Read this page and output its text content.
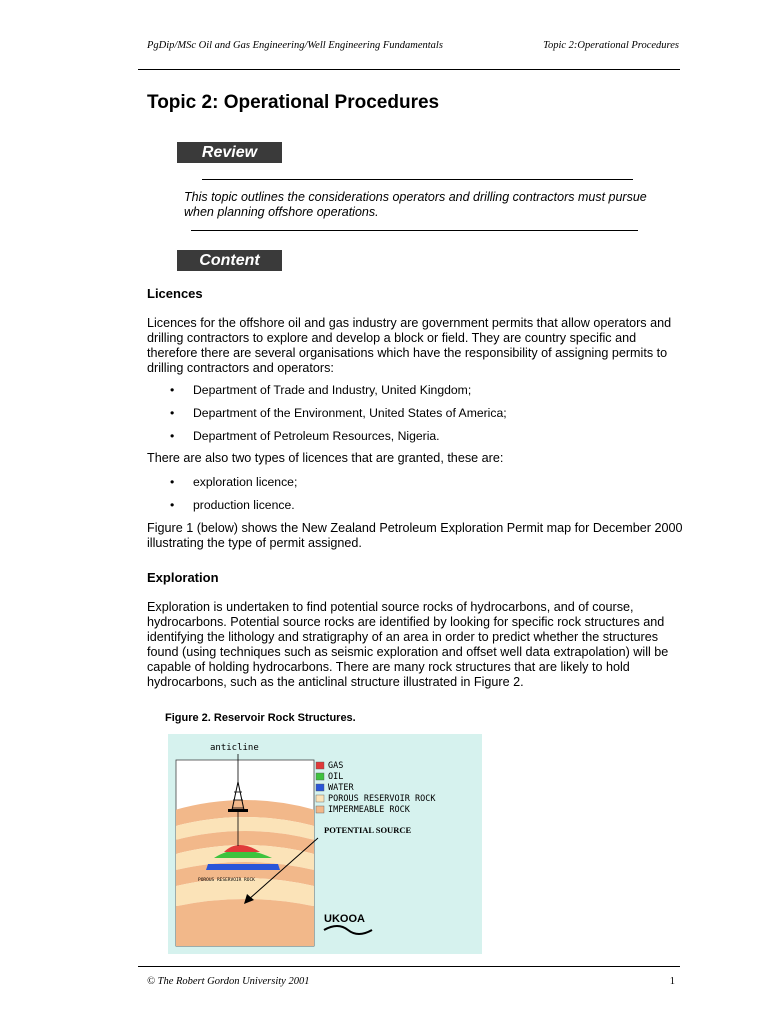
PgDip/MSc Oil and Gas Engineering/Well Engineering Fundamentals	Topic 2:Operational Procedures
Topic 2: Operational Procedures
Review

This topic outlines the considerations operators and drilling contractors must pursue when planning offshore operations.

Content
Licences

Licences for the offshore oil and gas industry are government permits that allow operators and drilling contractors to explore and develop a block or field. They are country specific and therefore there are several organisations which have the responsibility of assigning permits to drilling contractors and operators:

• Department of Trade and Industry, United Kingdom;
• Department of the Environment, United States of America;
• Department of Petroleum Resources, Nigeria.

There are also two types of licences that are granted, these are:

• exploration licence;
• production licence.

Figure 1 (below) shows the New Zealand Petroleum Exploration Permit map for December 2000 illustrating the type of permit assigned.

Exploration

Exploration is undertaken to find potential source rocks of hydrocarbons, and of course, hydrocarbons. Potential source rocks are identified by looking for specific rock structures and identifying the lithology and stratigraphy of an area in order to predict whether the structures found (using techniques such as seismic exploration and offset well data extrapolation) will be capable of holding hydrocarbons. There are many rock structures that are likely to hold hydrocarbons, such as the anticlinal structure illustrated in Figure 2.

Figure 2. Reservoir Rock Structures.

anticline
POROUS RESERVOIR ROCK
GAS
OIL
WATER
POROUS RESERVOIR ROCK
IMPERMEABLE ROCK
POTENTIAL SOURCE
UKOOA
© The Robert Gordon University 2001	1
